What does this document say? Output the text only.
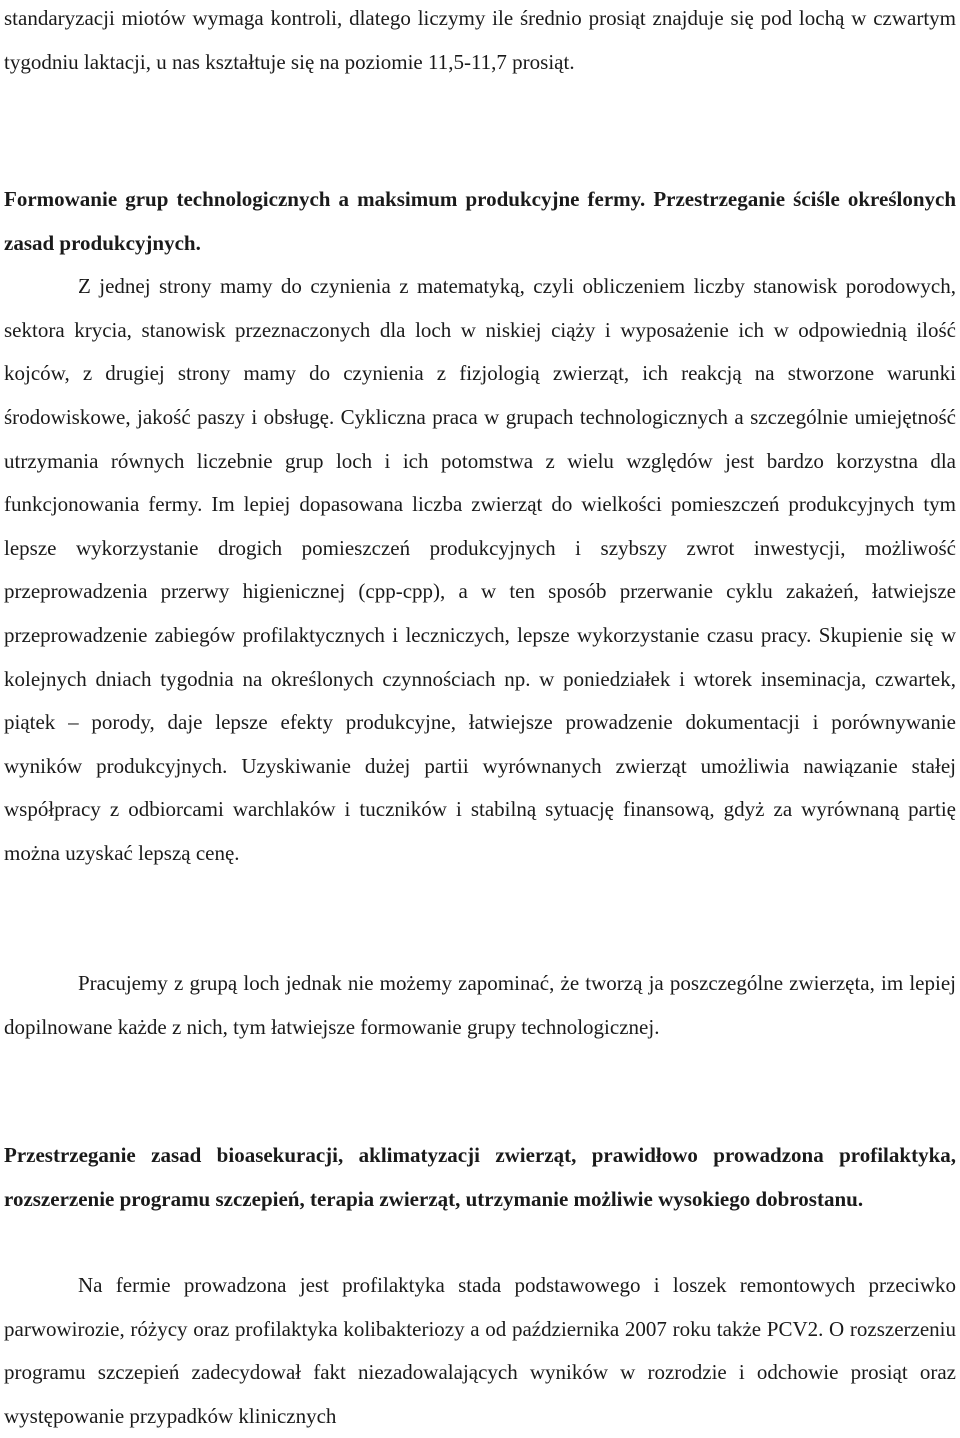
standaryzacji miotów wymaga kontroli, dlatego liczymy ile średnio prosiąt znajduje się pod lochą w czwartym tygodniu laktacji, u nas kształtuje się na poziomie 11,5-11,7 prosiąt.

Formowanie grup technologicznych a maksimum produkcyjne fermy. Przestrzeganie ściśle określonych zasad produkcyjnych.

Z jednej strony mamy do czynienia z matematyką, czyli obliczeniem liczby stanowisk porodowych, sektora krycia, stanowisk przeznaczonych dla loch w niskiej ciąży i wyposażenie ich w odpowiednią ilość kojców, z drugiej strony mamy do czynienia z fizjologią zwierząt, ich reakcją na stworzone warunki środowiskowe, jakość paszy i obsługę. Cykliczna praca w grupach technologicznych a szczególnie umiejętność utrzymania równych liczebnie grup loch i ich potomstwa z wielu względów jest bardzo korzystna dla funkcjonowania fermy. Im lepiej dopasowana liczba zwierząt do wielkości pomieszczeń produkcyjnych tym lepsze wykorzystanie drogich pomieszczeń produkcyjnych i szybszy zwrot inwestycji, możliwość przeprowadzenia przerwy higienicznej (cpp-cpp), a w ten sposób przerwanie cyklu zakażeń, łatwiejsze przeprowadzenie zabiegów profilaktycznych i leczniczych, lepsze wykorzystanie czasu pracy. Skupienie się w kolejnych dniach tygodnia na określonych czynnościach np. w poniedziałek i wtorek inseminacja, czwartek, piątek – porody, daje lepsze efekty produkcyjne, łatwiejsze prowadzenie dokumentacji i porównywanie wyników produkcyjnych. Uzyskiwanie dużej partii wyrównanych zwierząt umożliwia nawiązanie stałej współpracy z odbiorcami warchlaków i tuczników i stabilną sytuację finansową, gdyż za wyrównaną partię można uzyskać lepszą cenę.

Pracujemy z grupą loch jednak nie możemy zapominać, że tworzą ja poszczególne zwierzęta, im lepiej dopilnowane każde z nich, tym łatwiejsze formowanie grupy technologicznej.

Przestrzeganie zasad bioasekuracji, aklimatyzacji zwierząt, prawidłowo prowadzona profilaktyka, rozszerzenie programu szczepień, terapia zwierząt, utrzymanie możliwie wysokiego dobrostanu.

Na fermie prowadzona jest profilaktyka stada podstawowego i loszek remontowych przeciwko parwowirozie, różycy oraz profilaktyka kolibakteriozy a od października 2007 roku także PCV2. O rozszerzeniu programu szczepień zadecydował fakt niezadowalających wyników w rozrodzie i odchowie prosiąt oraz występowanie przypadków klinicznych
